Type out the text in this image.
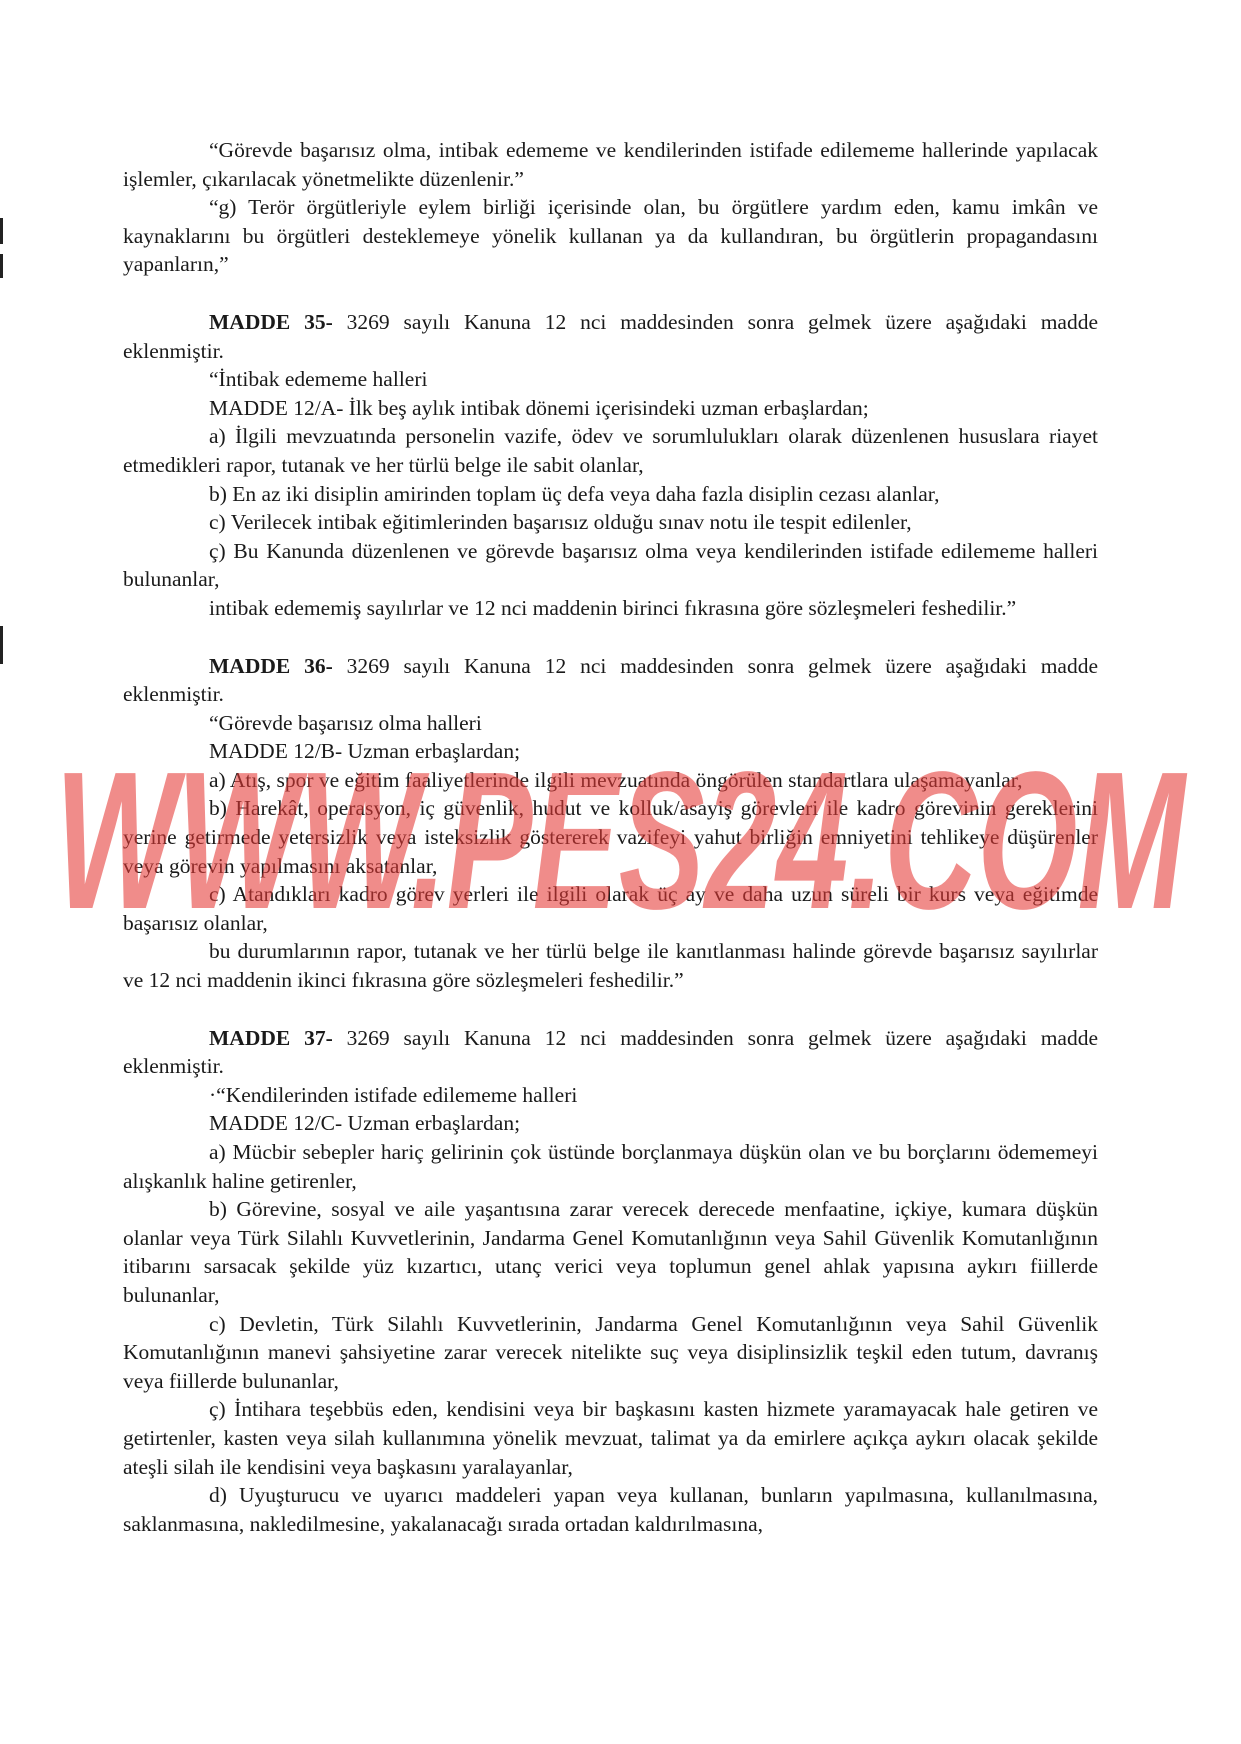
“Görevde başarısız olma, intibak edememe ve kendilerinden istifade edilememe hallerinde yapılacak işlemler, çıkarılacak yönetmelikte düzenlenir.”

“g) Terör örgütleriyle eylem birliği içerisinde olan, bu örgütlere yardım eden, kamu imkân ve kaynaklarını bu örgütleri desteklemeye yönelik kullanan ya da kullandıran, bu örgütlerin propagandasını yapanların,”

MADDE 35- 3269 sayılı Kanuna 12 nci maddesinden sonra gelmek üzere aşağıdaki madde eklenmiştir.

“İntibak edememe halleri

MADDE 12/A- İlk beş aylık intibak dönemi içerisindeki uzman erbaşlardan;

a) İlgili mevzuatında personelin vazife, ödev ve sorumlulukları olarak düzenlenen hususlara riayet etmedikleri rapor, tutanak ve her türlü belge ile sabit olanlar,

b) En az iki disiplin amirinden toplam üç defa veya daha fazla disiplin cezası alanlar,

c) Verilecek intibak eğitimlerinden başarısız olduğu sınav notu ile tespit edilenler,

ç) Bu Kanunda düzenlenen ve görevde başarısız olma veya kendilerinden istifade edilememe halleri bulunanlar,

intibak edememiş sayılırlar ve 12 nci maddenin birinci fıkrasına göre sözleşmeleri feshedilir.”

MADDE 36- 3269 sayılı Kanuna 12 nci maddesinden sonra gelmek üzere aşağıdaki madde eklenmiştir.

“Görevde başarısız olma halleri

MADDE 12/B- Uzman erbaşlardan;

a) Atış, spor ve eğitim faaliyetlerinde ilgili mevzuatında öngörülen standartlara ulaşamayanlar,

b) Harekât, operasyon, iç güvenlik, hudut ve kolluk/asayiş görevleri ile kadro görevinin gereklerini yerine getirmede yetersizlik veya isteksizlik göstererek vazifeyi yahut birliğin emniyetini tehlikeye düşürenler veya görevin yapılmasını aksatanlar,

c) Atandıkları kadro görev yerleri ile ilgili olarak üç ay ve daha uzun süreli bir kurs veya eğitimde başarısız olanlar,

bu durumlarının rapor, tutanak ve her türlü belge ile kanıtlanması halinde görevde başarısız sayılırlar ve 12 nci maddenin ikinci fıkrasına göre sözleşmeleri feshedilir.”

MADDE 37- 3269 sayılı Kanuna 12 nci maddesinden sonra gelmek üzere aşağıdaki madde eklenmiştir.

·“Kendilerinden istifade edilememe halleri

MADDE 12/C- Uzman erbaşlardan;

a) Mücbir sebepler hariç gelirinin çok üstünde borçlanmaya düşkün olan ve bu borçlarını ödememeyi alışkanlık haline getirenler,

b) Görevine, sosyal ve aile yaşantısına zarar verecek derecede menfaatine, içkiye, kumara düşkün olanlar veya Türk Silahlı Kuvvetlerinin, Jandarma Genel Komutanlığının veya Sahil Güvenlik Komutanlığının itibarını sarsacak şekilde yüz kızartıcı, utanç verici veya toplumun genel ahlak yapısına aykırı fiillerde bulunanlar,

c) Devletin, Türk Silahlı Kuvvetlerinin, Jandarma Genel Komutanlığının veya Sahil Güvenlik Komutanlığının manevi şahsiyetine zarar verecek nitelikte suç veya disiplinsizlik teşkil eden tutum, davranış veya fiillerde bulunanlar,

ç) İntihara teşebbüs eden, kendisini veya bir başkasını kasten hizmete yaramayacak hale getiren ve getirtenler, kasten veya silah kullanımına yönelik mevzuat, talimat ya da emirlere açıkça aykırı olacak şekilde ateşli silah ile kendisini veya başkasını yaralayanlar,

d) Uyuşturucu ve uyarıcı maddeleri yapan veya kullanan, bunların yapılmasına, kullanılmasına, saklanmasına, nakledilmesine, yakalanacağı sırada ortadan kaldırılmasına,

WWW.PES24.COM
